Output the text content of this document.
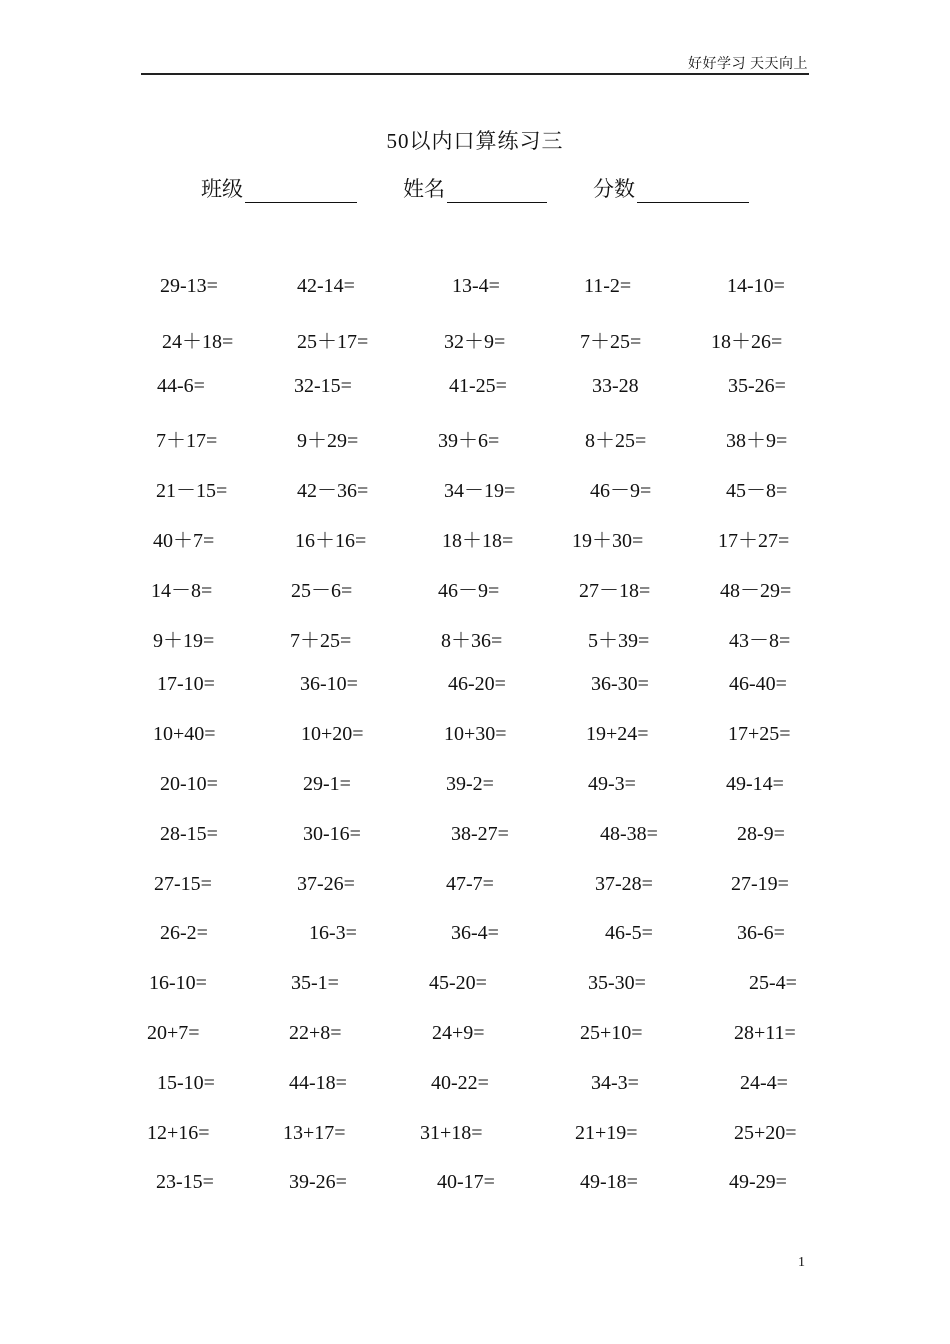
好好学习 天天向上
50以内口算练习三
班级	姓名	分数
29-13=	42-14=	13-4=	11-2=	14-10=
24＋18=	25＋17=	32＋9=	7＋25=	18＋26=
44-6=	32-15=	41-25=	33-28	35-26=
7＋17=	9＋29=	39＋6=	8＋25=	38＋9=
21－15=	42－36=	34－19=	46－9=	45－8=
40＋7=	16＋16=	18＋18=	19＋30=	17＋27=
14－8=	25－6=	46－9=	27－18=	48－29=
9＋19=	7＋25=	8＋36=	5＋39=	43－8=
17-10=	36-10=	46-20=	36-30=	46-40=
10+40=	10+20=	10+30=	19+24=	17+25=
20-10=	29-1=	39-2=	49-3=	49-14=
28-15=	30-16=	38-27=	48-38=	28-9=
27-15=	37-26=	47-7=	37-28=	27-19=
26-2=	16-3=	36-4=	46-5=	36-6=
16-10=	35-1=	45-20=	35-30=	25-4=
20+7=	22+8=	24+9=	25+10=	28+11=
15-10=	44-18=	40-22=	34-3=	24-4=
12+16=	13+17=	31+18=	21+19=	25+20=
23-15=	39-26=	40-17=	49-18=	49-29=
1
